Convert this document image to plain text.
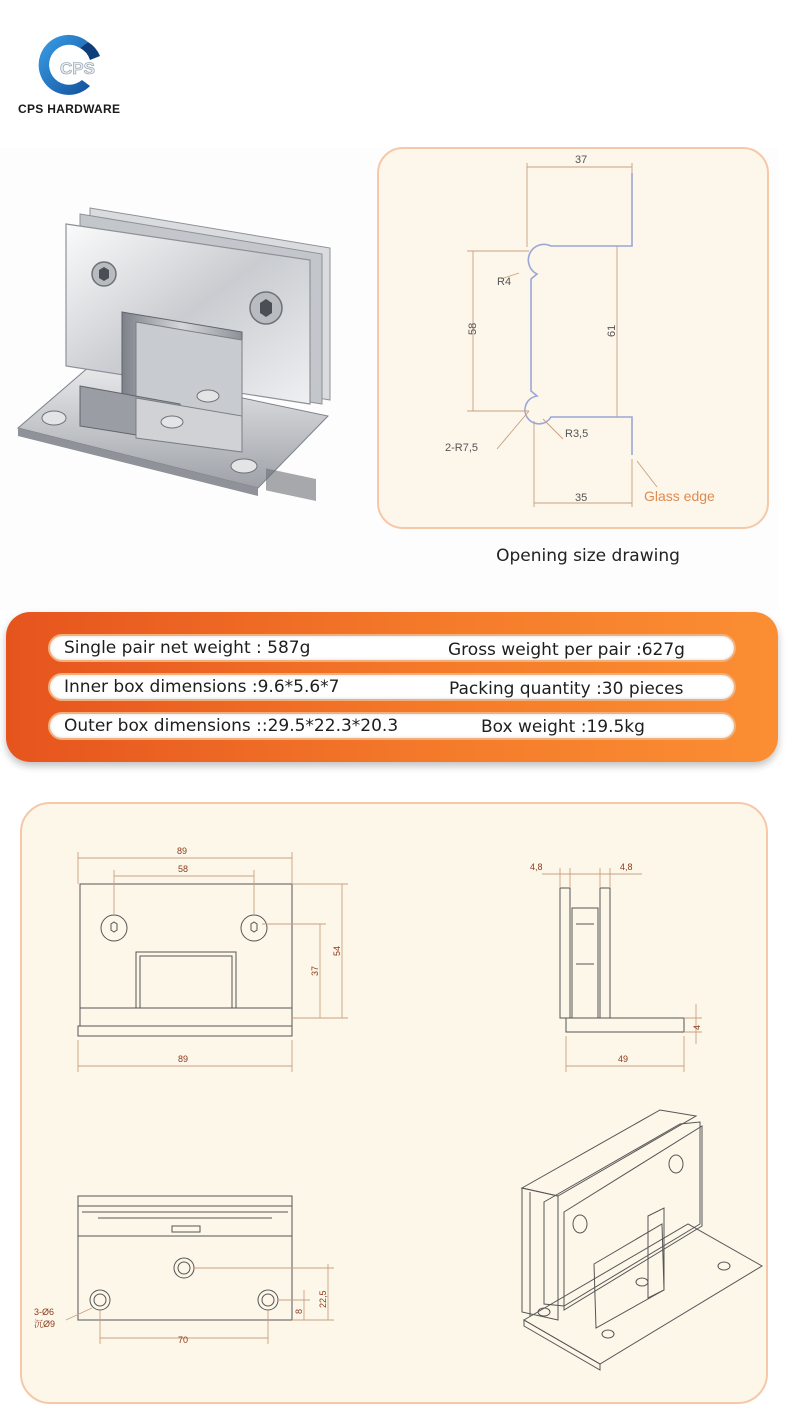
CPS
CPS HARDWARE
37
R4
58	61
2-R7,5
R3,5
35	Glass edge
Opening size drawing
Single pair net weight : 587g	Gross weight per pair :627g
Inner box dimensions :9.6*5.6*7	Packing quantity :30 pieces
Outer box dimensions ::29.5*22.3*20.3	Box weight :19.5kg
89
58
89
54
37
4,8	4,8
49
4
3-Ø6
沉Ø9
70
8
22,5
